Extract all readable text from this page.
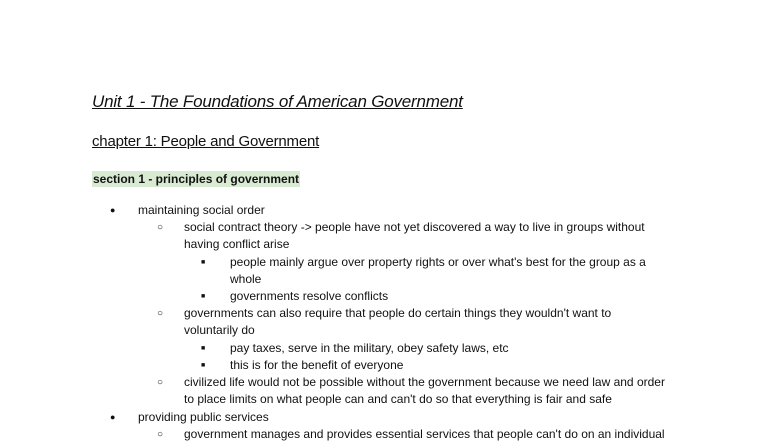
Unit 1 - The Foundations of American Government
chapter 1: People and Government
section 1 - principles of government
● maintaining social order
○ social contract theory -> people have not yet discovered a way to live in groups without
having conflict arise
■ people mainly argue over property rights or over what's best for the group as a
whole
■ governments resolve conflicts
○ governments can also require that people do certain things they wouldn't want to
voluntarily do
■ pay taxes, serve in the military, obey safety laws, etc
■ this is for the benefit of everyone
○ civilized life would not be possible without the government because we need law and order
to place limits on what people can and can't do so that everything is fair and safe
● providing public services
○ government manages and provides essential services that people can't do on an individual
